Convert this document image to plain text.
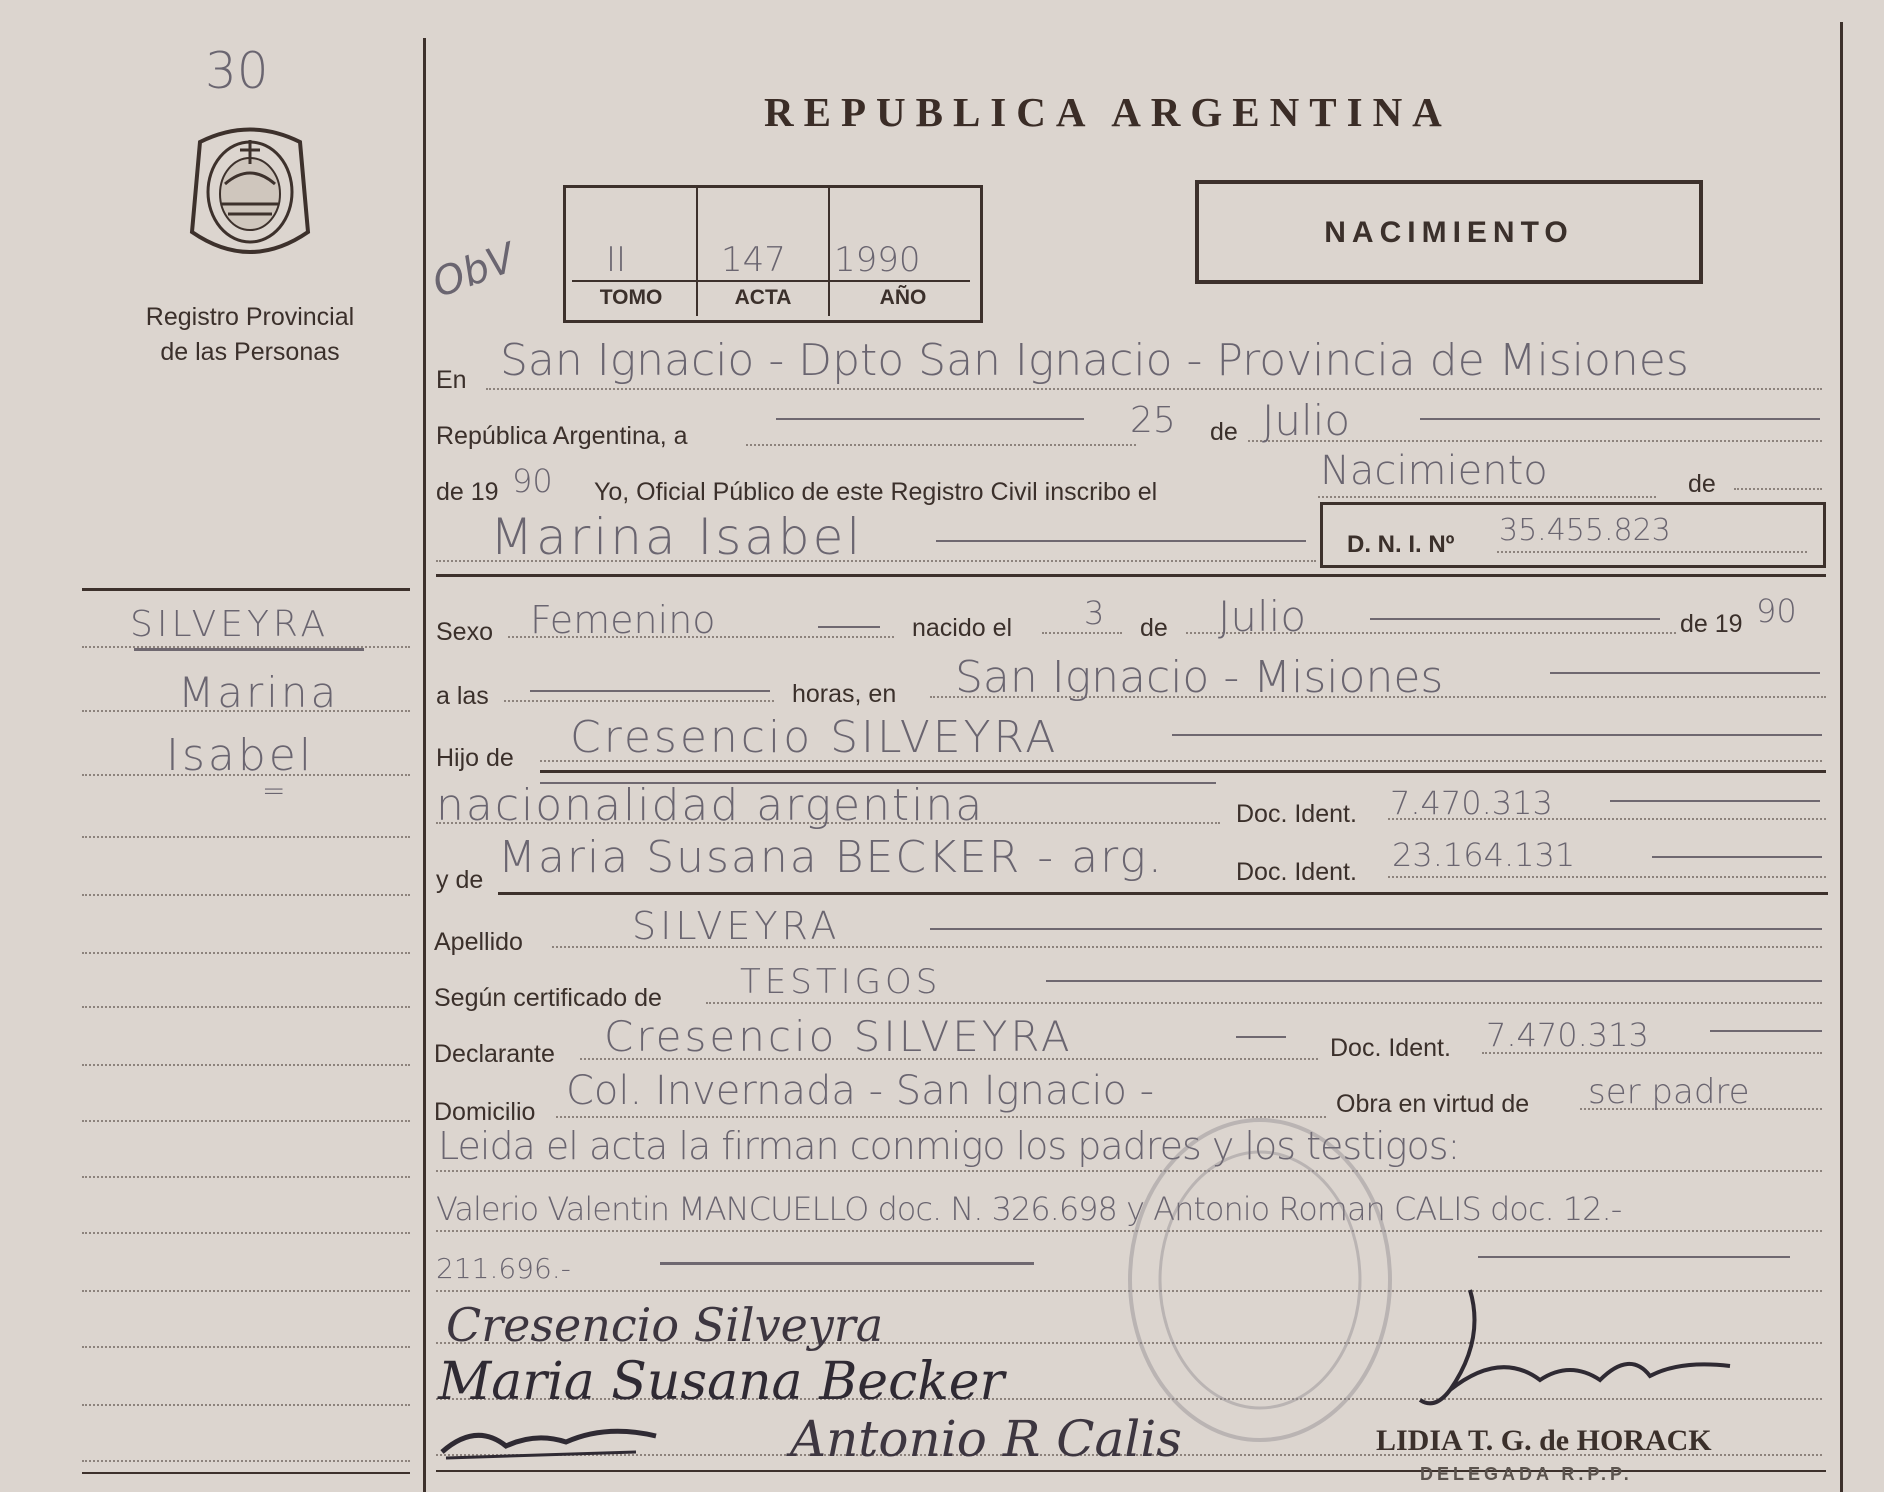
30
Registro Provincial
de las Personas
REPUBLICA ARGENTINA
II	147 1990
TOMO	ACTA	AÑO
ObV
NACIMIENTO
En San Ignacio - Dpto San Ignacio - Provincia de Misiones
República Argentina, a	25 de Julio
de 19 90 Yo, Oficial Público de este Registro Civil inscribo el	Nacimiento	de
Marina Isabel	D. N. I. Nº 35.455.823
Sexo Femenino	nacido el 3 de Julio	de 19 90
a las	horas, en San Ignacio - Misiones
Hijo de Cresencio SILVEYRA
nacionalidad argentina	Doc. Ident. 7.470.313
y de Maria Susana BECKER - arg.	Doc. Ident. 23.164.131
Apellido	SILVEYRA
Según certificado de TESTIGOS
Declarante Cresencio SILVEYRA	Doc. Ident. 7.470.313
Domicilio Col. Invernada - San Ignacio -	Obra en virtud de ser padre
Leida el acta la firman conmigo los padres y los testigos:
Valerio Valentin MANCUELLO doc. N. 326.698 y Antonio Roman CALIS doc. 12.-
211.696.-
Cresencio Silveyra
Maria Susana Becker
Antonio R Calis	LIDIA T. G. de HORACK
DELEGADA R.P.P.
SILVEYRA
Marina
Isabel
=
